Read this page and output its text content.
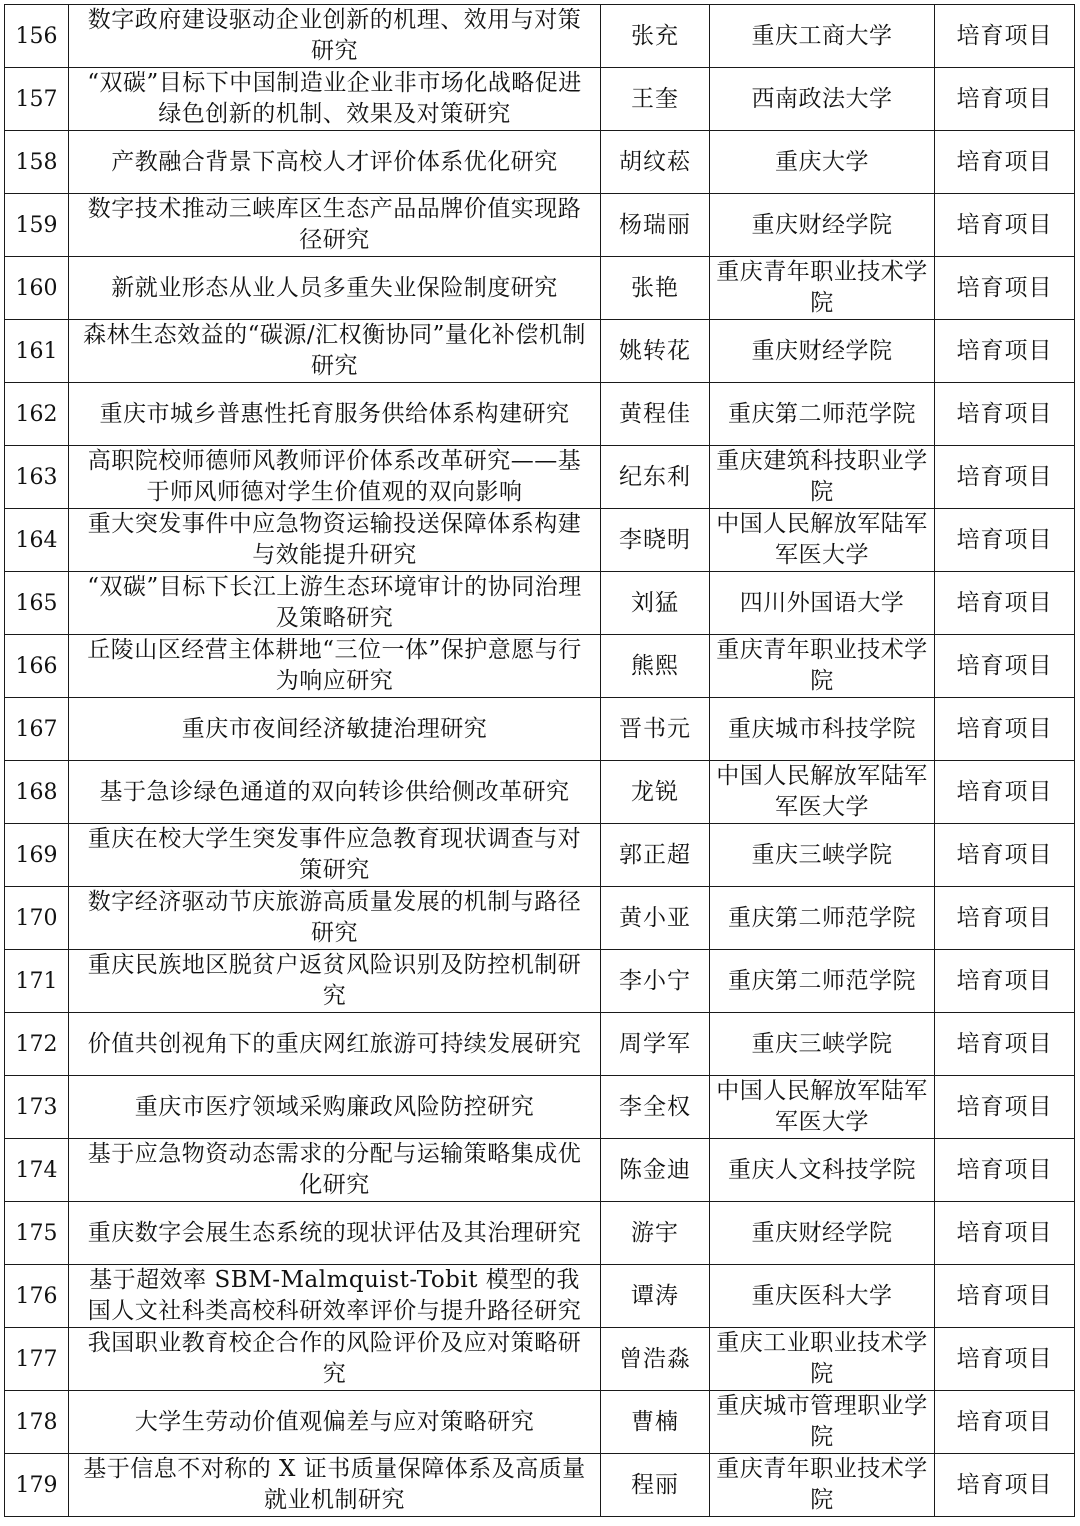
156	数字政府建设驱动企业创新的机理、效用与对策研究	张充	重庆工商大学	培育项目
157	“双碳”目标下中国制造业企业非市场化战略促进绿色创新的机制、效果及对策研究	王奎	西南政法大学	培育项目
158	产教融合背景下高校人才评价体系优化研究	胡纹菘	重庆大学	培育项目
159	数字技术推动三峡库区生态产品品牌价值实现路径研究	杨瑞丽	重庆财经学院	培育项目
160	新就业形态从业人员多重失业保险制度研究	张艳	重庆青年职业技术学院	培育项目
161	森林生态效益的“碳源/汇权衡协同”量化补偿机制研究	姚转花	重庆财经学院	培育项目
162	重庆市城乡普惠性托育服务供给体系构建研究	黄程佳	重庆第二师范学院	培育项目
163	高职院校师德师风教师评价体系改革研究——基于师风师德对学生价值观的双向影响	纪东利	重庆建筑科技职业学院	培育项目
164	重大突发事件中应急物资运输投送保障体系构建与效能提升研究	李晓明	中国人民解放军陆军军医大学	培育项目
165	“双碳”目标下长江上游生态环境审计的协同治理及策略研究	刘猛	四川外国语大学	培育项目
166	丘陵山区经营主体耕地“三位一体”保护意愿与行为响应研究	熊熙	重庆青年职业技术学院	培育项目
167	重庆市夜间经济敏捷治理研究	晋书元	重庆城市科技学院	培育项目
168	基于急诊绿色通道的双向转诊供给侧改革研究	龙锐	中国人民解放军陆军军医大学	培育项目
169	重庆在校大学生突发事件应急教育现状调查与对 策研究	郭正超	重庆三峡学院	培育项目
170	数字经济驱动节庆旅游高质量发展的机制与路径研究	黄小亚	重庆第二师范学院	培育项目
171	重庆民族地区脱贫户返贫风险识别及防控机制研究	李小宁	重庆第二师范学院	培育项目
172	价值共创视角下的重庆网红旅游可持续发展研究	周学军	重庆三峡学院	培育项目
173	重庆市医疗领域采购廉政风险防控研究	李全权	中国人民解放军陆军军医大学	培育项目
174	基于应急物资动态需求的分配与运输策略集成优化研究	陈金迪	重庆人文科技学院	培育项目
175	重庆数字会展生态系统的现状评估及其治理研究	游宇	重庆财经学院	培育项目
176	基于超效率 SBM-Malmquist-Tobit 模型的我国人文社科类高校科研效率评价与提升路径研究	谭涛	重庆医科大学	培育项目
177	我国职业教育校企合作的风险评价及应对策略研究	曾浩淼	重庆工业职业技术学院	培育项目
178	大学生劳动价值观偏差与应对策略研究	曹楠	重庆城市管理职业学院	培育项目
179	基于信息不对称的 X 证书质量保障体系及高质量就业机制研究	程丽	重庆青年职业技术学院	培育项目
